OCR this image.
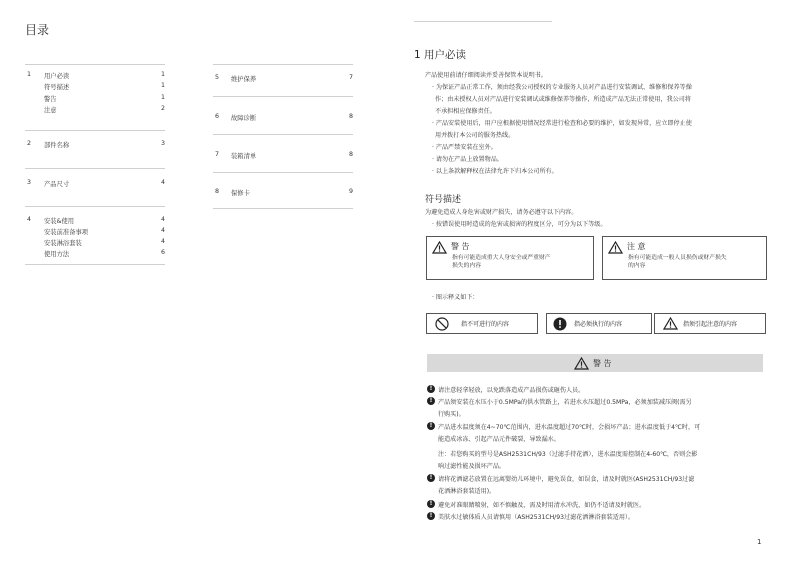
目录
1 用户必读	1
符号描述	1
警告	1
注意	2
2 部件名称	3
3 产品尺寸	4
4 安装&使用	4
安装前准备事项	4
安装淋浴套装	4
使用方法	6
5 维护保养	7
6 故障诊断	8
7 装箱清单	8
8 保修卡	9
1 用户必读
产品使用前请仔细阅读并妥善保管本说明书。
· 为保证产品正常工作，须由经我公司授权的专业服务人员对产品进行安装调试、维修和保养等操
作；由未授权人员对产品进行安装调试或维修保养等操作，所造成产品无法正常使用，我公司将
不承担相应保修责任。
· 产品安装使用后，用户应根据使用情况经常进行检查和必要的维护，如发现异常，应立即停止使
用并拨打本公司的服务热线。
· 产品严禁安装在室外。
· 请勿在产品上放置物品。
· 以上条款解释权在法律允许下归本公司所有。
符号描述
为避免造成人身危害或财产损失，请务必遵守以下内容。
· 按错误使用时造成的危害或损害的程度区分，可分为以下等级。
警 告
指有可能造成重大人身安全或严重财产
损失的内容
注 意
指有可能造成一般人员损伤或财产损失
的内容
· 图示释义如下：
指不可进行的内容	指必须执行的内容	指须引起注意的内容
警 告
!
请注意轻拿轻放，以免跌落造成产品损伤或砸伤人员。
!
产品须安装在水压小于0.5MPa的供水管路上，若进水水压超过0.5MPa，必须加装减压阀(需另
行购买)。
!
产品进水温度须在4~70℃范围内，进水温度超过70℃时，会损坏产品；进水温度低于4℃时，可
能造成冰冻、引起产品元件破裂，导致漏水。
注：若您购买的型号是ASH2531CH/93（过滤手持花洒），进水温度需控制在4-60℃，否则会影
响过滤性能及损坏产品。
!
请将花洒滤芯放置在远离婴幼儿环境中，避免误食，如误食，请及时就医(ASH2531CH/93过滤
花洒淋浴套装适用)。
!
避免对准眼睛喷射，如不慎触及，需及时用清水冲洗，如仍不适请及时就医。
!
美肤水过敏体质人员请慎用（ASH2531CH/93过滤花洒淋浴套装适用）。
1
